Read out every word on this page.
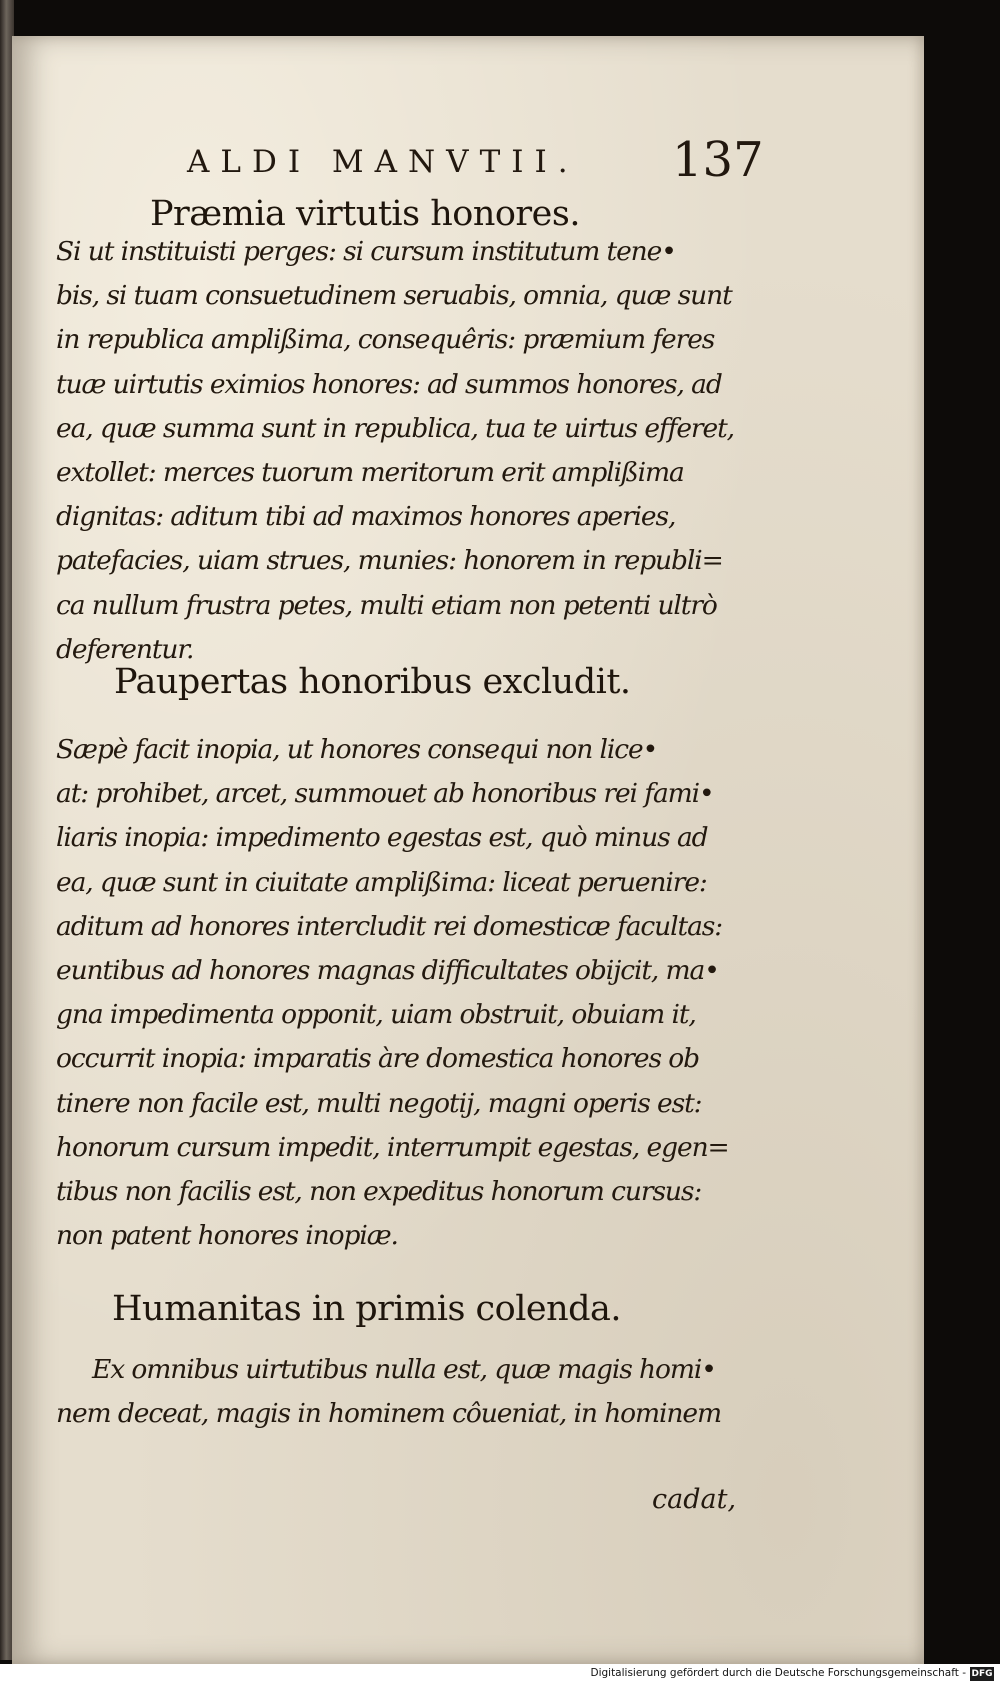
ALDI MANVTII. 137
Præmia virtutis honores.
Si ut instituisti perges: si cursum institutum tene•
bis, si tuam consuetudinem seruabis, omnia, quæ sunt
in republica amplißima, consequêris: præmium feres
tuæ uirtutis eximios honores: ad summos honores, ad
ea, quæ summa sunt in republica, tua te uirtus efferet,
extollet: merces tuorum meritorum erit amplißima
dignitas: aditum tibi ad maximos honores aperies,
patefacies, uiam strues, munies: honorem in republi=
ca nullum frustra petes, multi etiam non petenti ultrò
deferentur.
Paupertas honoribus excludit.
Sæpè facit inopia, ut honores consequi non lice•
at: prohibet, arcet, summouet ab honoribus rei fami•
liaris inopia: impedimento egestas est, quò minus ad
ea, quæ sunt in ciuitate amplißima: liceat peruenire:
aditum ad honores intercludit rei domesticæ facultas:
euntibus ad honores magnas difficultates obijcit, ma•
gna impedimenta opponit, uiam obstruit, obuiam it,
occurrit inopia: imparatis àre domestica honores ob
tinere non facile est, multi negotij, magni operis est:
honorum cursum impedit, interrumpit egestas, egen=
tibus non facilis est, non expeditus honorum cursus:
non patent honores inopiæ.
Humanitas in primis colenda.
Ex omnibus uirtutibus nulla est, quæ magis homi•
nem deceat, magis in hominem côueniat, in hominem
cadat,
Digitalisierung gefördert durch die Deutsche Forschungsgemeinschaft - DFG
